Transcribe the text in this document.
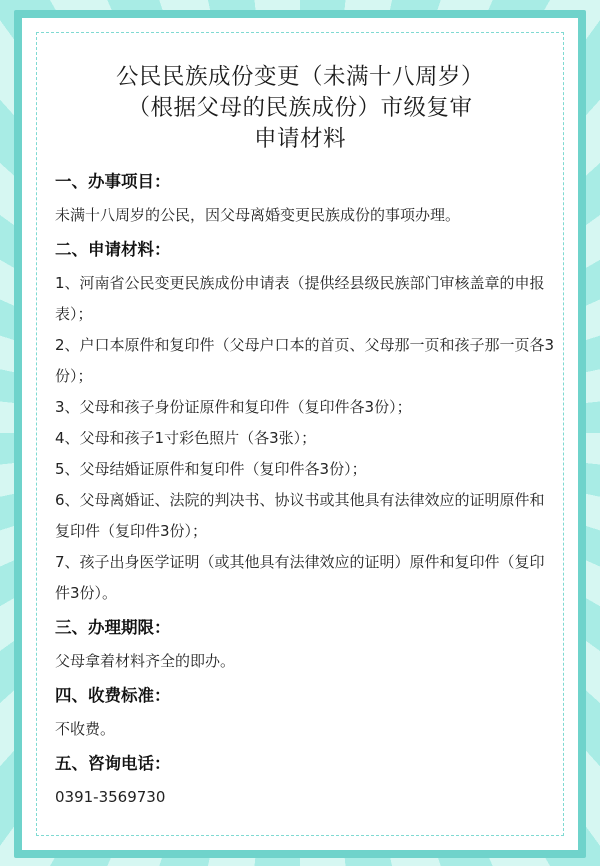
公民民族成份变更（未满十八周岁）
（根据父母的民族成份）市级复审
申请材料
一、办事项目：
未满十八周岁的公民，因父母离婚变更民族成份的事项办理。
二、申请材料：
1、河南省公民变更民族成份申请表（提供经县级民族部门审核盖章的申报表）；
2、户口本原件和复印件（父母户口本的首页、父母那一页和孩子那一页各3份）；
3、父母和孩子身份证原件和复印件（复印件各3份）；
4、父母和孩子1寸彩色照片（各3张）；
5、父母结婚证原件和复印件（复印件各3份）；
6、父母离婚证、法院的判决书、协议书或其他具有法律效应的证明原件和复印件（复印件3份）；
7、孩子出身医学证明（或其他具有法律效应的证明）原件和复印件（复印件3份）。
三、办理期限：
父母拿着材料齐全的即办。
四、收费标准：
不收费。
五、咨询电话：
0391-3569730
